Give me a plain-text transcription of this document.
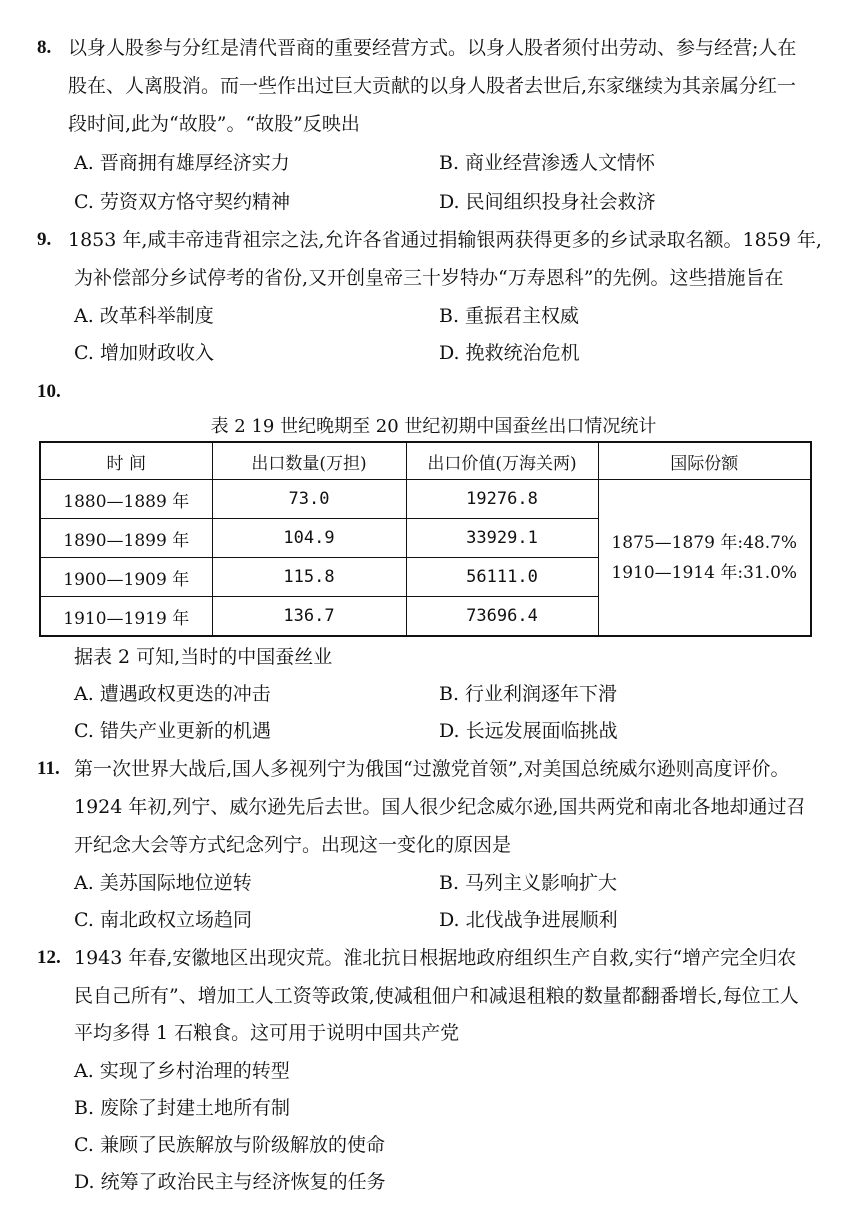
8. 以身人股参与分红是清代晋商的重要经营方式。以身人股者须付出劳动、参与经营;人在
股在、人离股消。而一些作出过巨大贡献的以身人股者去世后,东家继续为其亲属分红一
段时间,此为“故股”。“故股”反映出
A. 晋商拥有雄厚经济实力	B. 商业经营渗透人文情怀
C. 劳资双方恪守契约精神	D. 民间组织投身社会救济
9. 1853 年,咸丰帝违背祖宗之法,允许各省通过捐输银两获得更多的乡试录取名额。1859 年,
为补偿部分乡试停考的省份,又开创皇帝三十岁特办“万寿恩科”的先例。这些措施旨在
A. 改革科举制度	B. 重振君主权威
C. 增加财政收入	D. 挽救统治危机
10.
表 2 19 世纪晚期至 20 世纪初期中国蚕丝出口情况统计
时 间	出口数量(万担)	出口价值(万海关两)	国际份额
1880—1889 年	73.0	19276.8	1875—1879 年:48.7%
1910—1914 年:31.0%

1890—1899 年	104.9	33929.1	
1900—1909 年	115.8	56111.0	
1910—1919 年	136.7	73696.4	
据表 2 可知,当时的中国蚕丝业
A. 遭遇政权更迭的冲击	B. 行业利润逐年下滑
C. 错失产业更新的机遇	D. 长远发展面临挑战
11. 第一次世界大战后,国人多视列宁为俄国“过激党首领”,对美国总统威尔逊则高度评价。
1924 年初,列宁、威尔逊先后去世。国人很少纪念威尔逊,国共两党和南北各地却通过召
开纪念大会等方式纪念列宁。出现这一变化的原因是
A. 美苏国际地位逆转	B. 马列主义影响扩大
C. 南北政权立场趋同	D. 北伐战争进展顺利
12. 1943 年春,安徽地区出现灾荒。淮北抗日根据地政府组织生产自救,实行“增产完全归农
民自己所有”、增加工人工资等政策,使减租佃户和减退租粮的数量都翻番增长,每位工人
平均多得 1 石粮食。这可用于说明中国共产党
A. 实现了乡村治理的转型
B. 废除了封建土地所有制
C. 兼顾了民族解放与阶级解放的使命
D. 统筹了政治民主与经济恢复的任务
